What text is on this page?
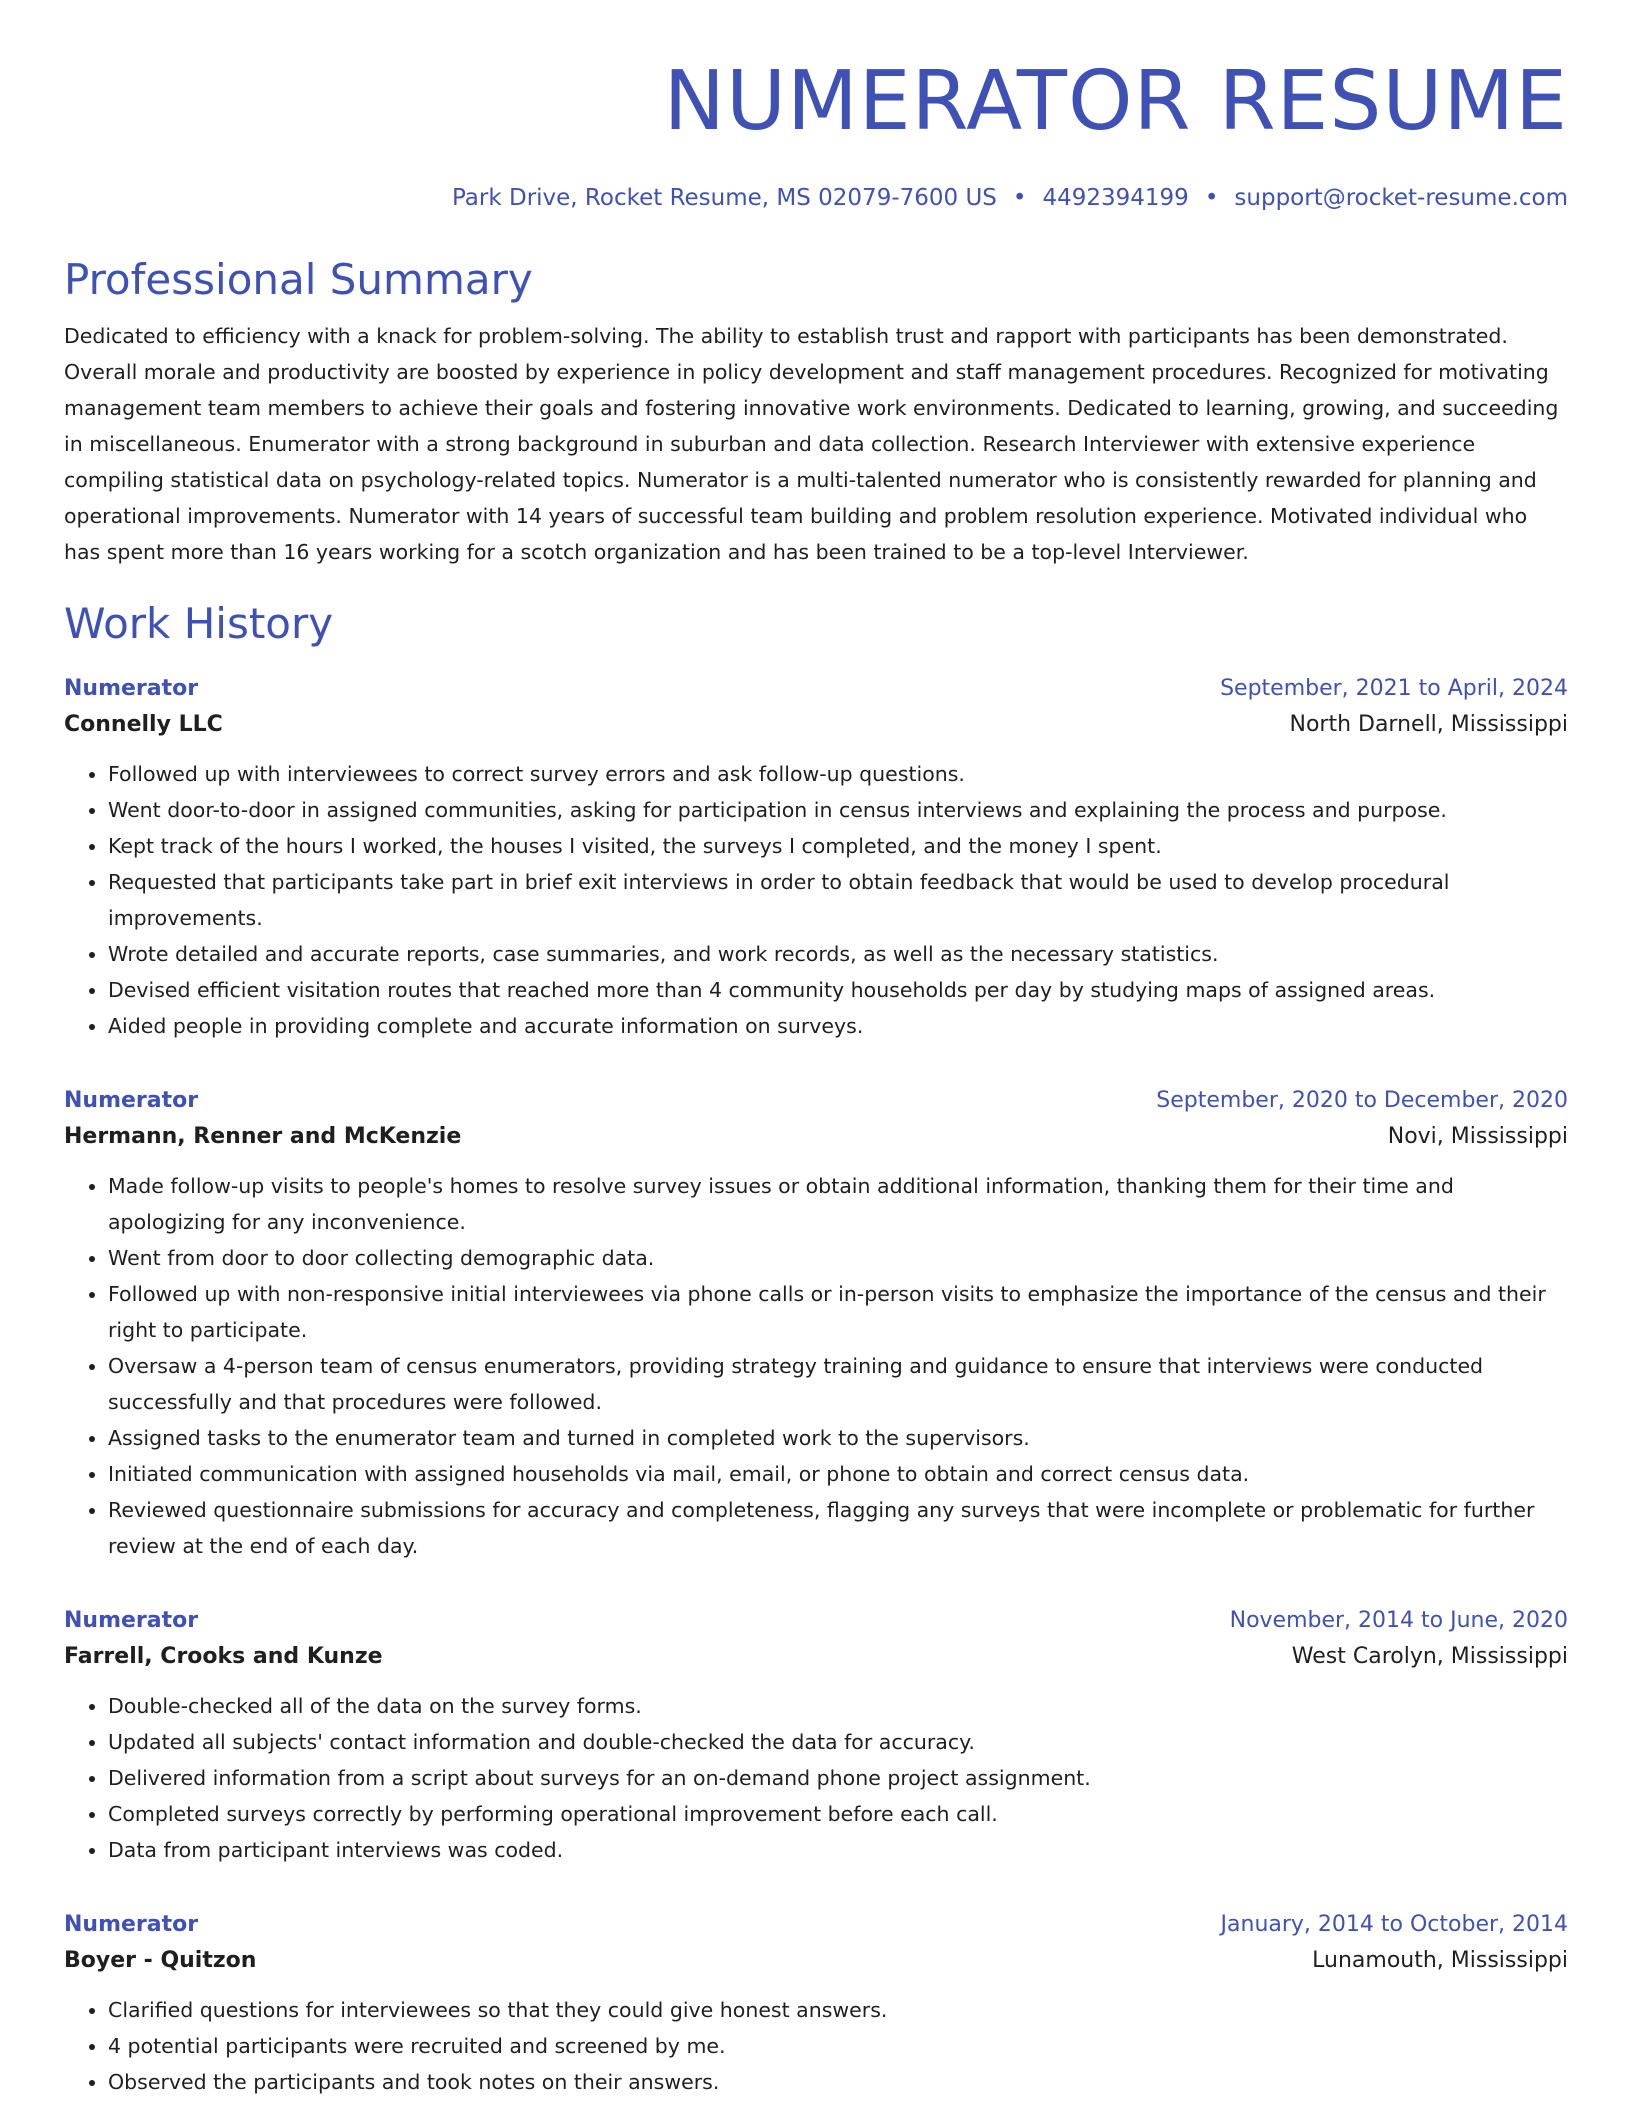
NUMERATOR RESUME
Park Drive, Rocket Resume, MS 02079-7600 US • 4492394199 • support@rocket-resume.com
Professional Summary

Dedicated to efficiency with a knack for problem-solving. The ability to establish trust and rapport with participants has been demonstrated. Overall morale and productivity are boosted by experience in policy development and staff management procedures. Recognized for motivating management team members to achieve their goals and fostering innovative work environments. Dedicated to learning, growing, and succeeding in miscellaneous. Enumerator with a strong background in suburban and data collection. Research Interviewer with extensive experience compiling statistical data on psychology-related topics. Numerator is a multi-talented numerator who is consistently rewarded for planning and operational improvements. Numerator with 14 years of successful team building and problem resolution experience. Motivated individual who has spent more than 16 years working for a scotch organization and has been trained to be a top-level Interviewer.

Work History
Numerator	September, 2021 to April, 2024
Connelly LLC	North Darnell, Mississippi
• Followed up with interviewees to correct survey errors and ask follow-up questions.
• Went door-to-door in assigned communities, asking for participation in census interviews and explaining the process and purpose.
• Kept track of the hours I worked, the houses I visited, the surveys I completed, and the money I spent.
• Requested that participants take part in brief exit interviews in order to obtain feedback that would be used to develop procedural improvements.
• Wrote detailed and accurate reports, case summaries, and work records, as well as the necessary statistics.
• Devised efficient visitation routes that reached more than 4 community households per day by studying maps of assigned areas.
• Aided people in providing complete and accurate information on surveys.
Numerator	September, 2020 to December, 2020
Hermann, Renner and McKenzie	Novi, Mississippi
• Made follow-up visits to people's homes to resolve survey issues or obtain additional information, thanking them for their time and apologizing for any inconvenience.
• Went from door to door collecting demographic data.
• Followed up with non-responsive initial interviewees via phone calls or in-person visits to emphasize the importance of the census and their right to participate.
• Oversaw a 4-person team of census enumerators, providing strategy training and guidance to ensure that interviews were conducted successfully and that procedures were followed.
• Assigned tasks to the enumerator team and turned in completed work to the supervisors.
• Initiated communication with assigned households via mail, email, or phone to obtain and correct census data.
• Reviewed questionnaire submissions for accuracy and completeness, flagging any surveys that were incomplete or problematic for further review at the end of each day.
Numerator	November, 2014 to June, 2020
Farrell, Crooks and Kunze	West Carolyn, Mississippi
• Double-checked all of the data on the survey forms.
• Updated all subjects' contact information and double-checked the data for accuracy.
• Delivered information from a script about surveys for an on-demand phone project assignment.
• Completed surveys correctly by performing operational improvement before each call.
• Data from participant interviews was coded.
Numerator	January, 2014 to October, 2014
Boyer - Quitzon	Lunamouth, Mississippi
• Clarified questions for interviewees so that they could give honest answers.
• 4 potential participants were recruited and screened by me.
• Observed the participants and took notes on their answers.
